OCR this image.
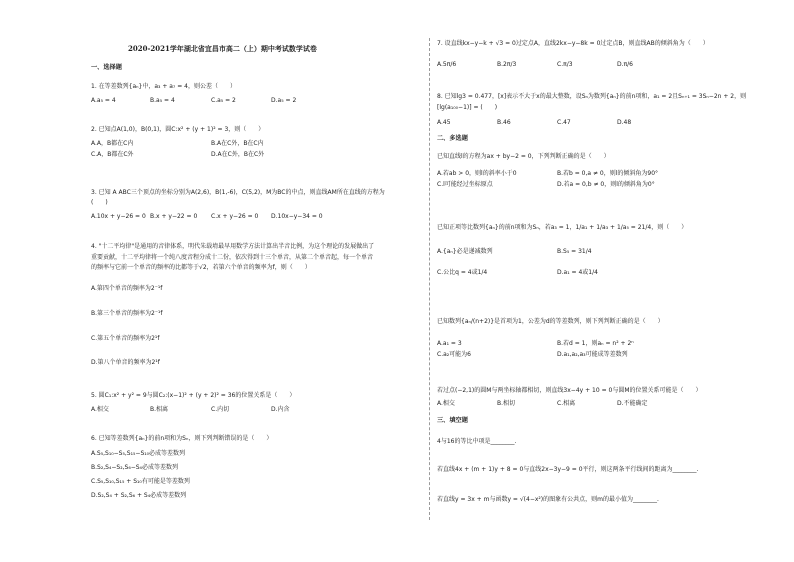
2020-2021学年湖北省宜昌市高二（上）期中考试数学试卷
一、选择题
1. 在等差数列{aₙ}中，a₃ + a₇ = 4，则公差（　　）
A.a₅ = 4	B.a₅ = 4	C.a₅ = 2	D.a₅ = 2
2. 已知点A(1,0)，B(0,1)，圆C:x² + (y + 1)² = 3，则（　　）
A.A，B都在C内	B.A在C外，B在C内
C.A，B都在C外	D.A在C外，B在C外
3. 已知 A ABC三个顶点的坐标分别为A(2,6)，B(1,-6)，C(5,2)，M为BC的中点，则直线AM所在直线的方程为
(　　)
A.10x + y−26 = 0 B.x + y−22 = 0 C.x + y−26 = 0 D.10x−y−34 = 0
4. "十二平均律"是通用的音律体系，明代朱载堉最早用数学方法计算出半音比例，为这个理论的发展做出了
重要贡献，十二平均律将一个纯八度音程分成十二份，依次得到十三个单音，从第二个单音起，每一个单音
的频率与它前一个单音的频率的比都等于√2，若第六个单音的频率为f，则（　　）
A.第四个单音的频率为2⁻¹f
B.第三个单音的频率为2⁻¹f
C.第五个单音的频率为2¹f
D.第八个单音的频率为2¹f
5. 圆C₁:x² + y² = 9与圆C₂:(x−1)² + (y + 2)² = 36的位置关系是（　　）
A.相交	B.相离	C.内切	D.内含
6. 已知等差数列{aₙ}的前n项和为Sₙ，则下列判断错误的是（　　）
A.S₅,S₁₀−S₅,S₁₅−S₁₀必成等差数列
B.S₂,S₄−S₂,S₆−S₄必成等差数列
C.S₅,S₁₀,S₁₅ + S₁₀有可能是等差数列
D.S₂,S₄ + S₂,S₆ + S₄必成等差数列
7. 设直线kx−y−k + √3 = 0过定点A，直线2kx−y−8k = 0过定点B，则直线AB的倾斜角为（　　）
A.5π/6	B.2π/3	C.π/3	D.π/6
8. 已知lg3 = 0.477，[x]表示不大于x的最大整数，设Sₙ为数列{aₙ}的前n项和，a₁ = 2且Sₙ₊₁ = 3Sₙ−2n + 2，则
[lg(a₁₀₀−1)] = (　　)
A.45	B.46	C.47	D.48
二、多选题
已知直线l的方程为ax + by−2 = 0，下列判断正确的是（　　）
A.若ab > 0，则l的斜率小于0	B.若b = 0,a ≠ 0，则l的倾斜角为90°
C.l可能经过坐标原点	D.若a = 0,b ≠ 0，则l的倾斜角为0°
已知正项等比数列{aₙ}的前n项和为Sₙ，若a₃ = 1，1/a₁ + 1/a₃ + 1/a₅ = 21/4，则（　　）
A.{aₙ}必是递减数列	B.S₅ = 31/4
C.公比q = 4或1/4	D.a₁ = 4或1/4
已知数列{aₙ/(n+2)}是首项为1，公差为d的等差数列，则下列判断正确的是（　　）
A.a₁ = 3	B.若d = 1，则aₙ = n² + 2ⁿ
C.a₂可能为6	D.a₁,a₂,a₃可能成等差数列
若过点(−2,1)的圆M与两坐标轴都相切，则直线3x−4y + 10 = 0与圆M的位置关系可能是（　　）
A.相交	B.相切	C.相离	D.不能确定
三、填空题
4与16的等比中项是________.
若直线4x + (m + 1)y + 8 = 0与直线2x−3y−9 = 0平行，则这两条平行线间的距离为________.
若直线y = 3x + m与函数y = √(4−x²)的图象有公共点，则m的最小值为________.
